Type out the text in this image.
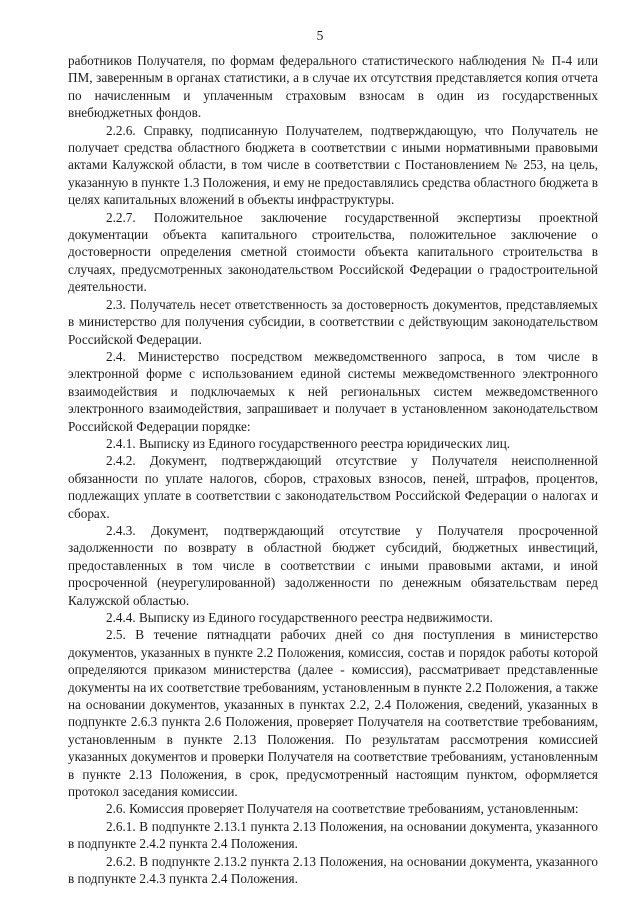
5

работников Получателя, по формам федерального статистического наблюдения № П-4 или ПМ, заверенным в органах статистики, а в случае их отсутствия представляется копия отчета по начисленным и уплаченным страховым взносам в один из государственных внебюджетных фондов.

2.2.6. Справку, подписанную Получателем, подтверждающую, что Получатель не получает средства областного бюджета в соответствии с иными нормативными правовыми актами Калужской области, в том числе в соответствии с Постановлением № 253, на цель, указанную в пункте 1.3 Положения, и ему не предоставлялись средства областного бюджета в целях капитальных вложений в объекты инфраструктуры.

2.2.7. Положительное заключение государственной экспертизы проектной документации объекта капитального строительства, положительное заключение о достоверности определения сметной стоимости объекта капитального строительства в случаях, предусмотренных законодательством Российской Федерации о градостроительной деятельности.

2.3. Получатель несет ответственность за достоверность документов, представляемых в министерство для получения субсидии, в соответствии с действующим законодательством Российской Федерации.

2.4. Министерство посредством межведомственного запроса, в том числе в электронной форме с использованием единой системы межведомственного электронного взаимодействия и подключаемых к ней региональных систем межведомственного электронного взаимодействия, запрашивает и получает в установленном законодательством Российской Федерации порядке:

2.4.1. Выписку из Единого государственного реестра юридических лиц.

2.4.2. Документ, подтверждающий отсутствие у Получателя неисполненной обязанности по уплате налогов, сборов, страховых взносов, пеней, штрафов, процентов, подлежащих уплате в соответствии с законодательством Российской Федерации о налогах и сборах.

2.4.3. Документ, подтверждающий отсутствие у Получателя просроченной задолженности по возврату в областной бюджет субсидий, бюджетных инвестиций, предоставленных в том числе в соответствии с иными правовыми актами, и иной просроченной (неурегулированной) задолженности по денежным обязательствам перед Калужской областью.

2.4.4. Выписку из Единого государственного реестра недвижимости.

2.5. В течение пятнадцати рабочих дней со дня поступления в министерство документов, указанных в пункте 2.2 Положения, комиссия, состав и порядок работы которой определяются приказом министерства (далее - комиссия), рассматривает представленные документы на их соответствие требованиям, установленным в пункте 2.2 Положения, а также на основании документов, указанных в пунктах 2.2, 2.4 Положения, сведений, указанных в подпункте 2.6.3 пункта 2.6 Положения, проверяет Получателя на соответствие требованиям, установленным в пункте 2.13 Положения. По результатам рассмотрения комиссией указанных документов и проверки Получателя на соответствие требованиям, установленным в пункте 2.13 Положения, в срок, предусмотренный настоящим пунктом, оформляется протокол заседания комиссии.

2.6. Комиссия проверяет Получателя на соответствие требованиям, установленным:

2.6.1. В подпункте 2.13.1 пункта 2.13 Положения, на основании документа, указанного в подпункте 2.4.2 пункта 2.4 Положения.

2.6.2. В подпункте 2.13.2 пункта 2.13 Положения, на основании документа, указанного в подпункте 2.4.3 пункта 2.4 Положения.
